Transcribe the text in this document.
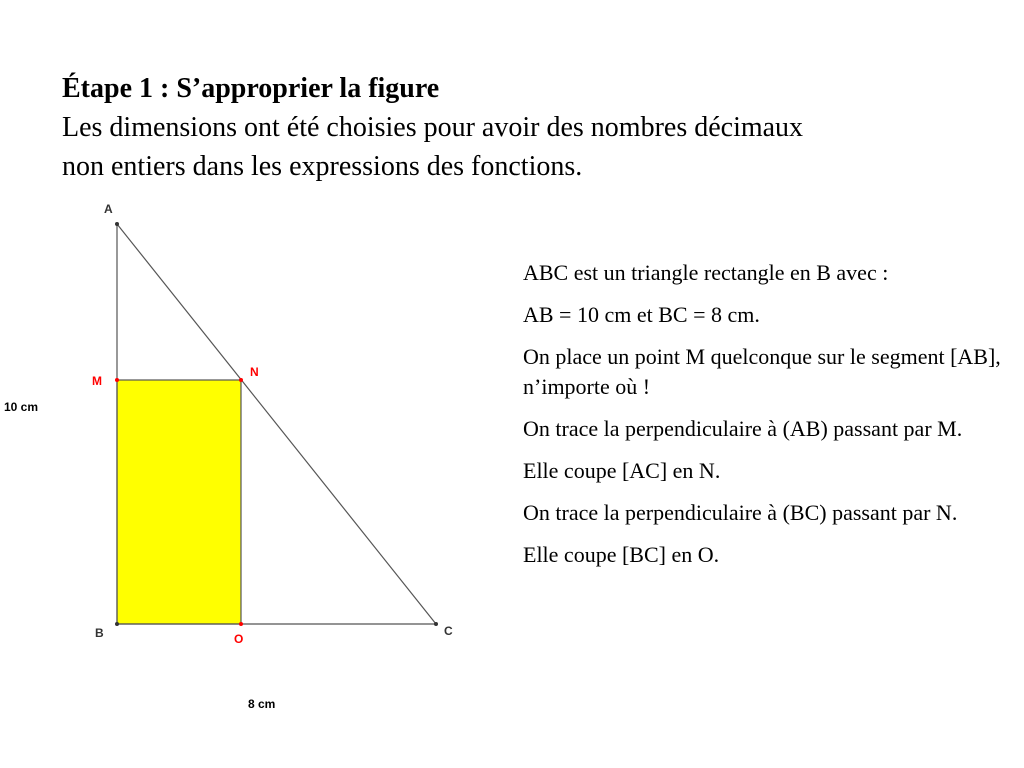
Étape 1 : S’approprier la figure
Les dimensions ont été choisies pour avoir des nombres décimaux
non entiers dans les expressions des fonctions.
A
B	C
M
N
O
10 cm
8 cm

ABC est un triangle rectangle en B avec :

AB = 10 cm et BC = 8 cm.

On place un point M quelconque sur le segment [AB], n’importe où !

On trace la perpendiculaire à (AB) passant par M.

Elle coupe [AC] en N.

On trace la perpendiculaire à (BC) passant par N.

Elle coupe [BC] en O.
